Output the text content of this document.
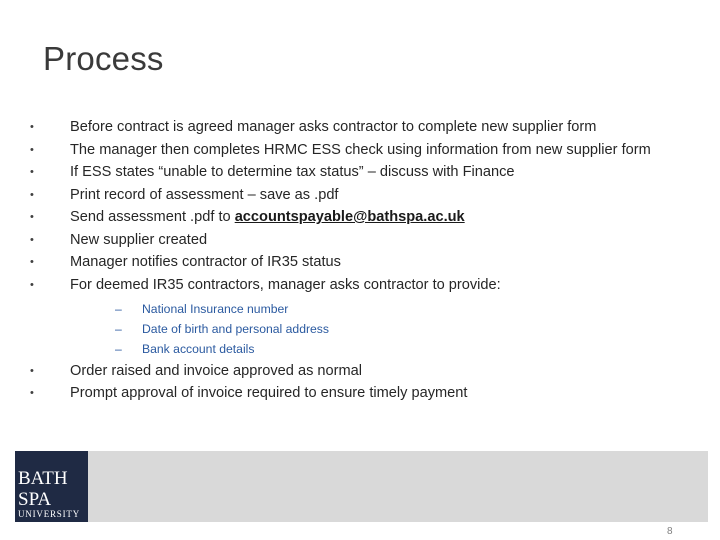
Process
•
Before contract is agreed manager asks contractor to complete new supplier form
•
The manager then completes HRMC ESS check using information from new supplier form
•
If ESS states “unable to determine tax status” – discuss with Finance
•
Print record of assessment – save as .pdf
•
Send assessment .pdf to accountspayable@bathspa.ac.uk
•
New supplier created
•
Manager notifies contractor of IR35 status
•
For deemed IR35 contractors, manager asks contractor to provide:
–
National Insurance number
–
Date of birth and personal address
–
Bank account details
•
Order raised and invoice approved as normal
•
Prompt approval of invoice required to ensure timely payment
BATH
SPA
UNIVERSITY
8
